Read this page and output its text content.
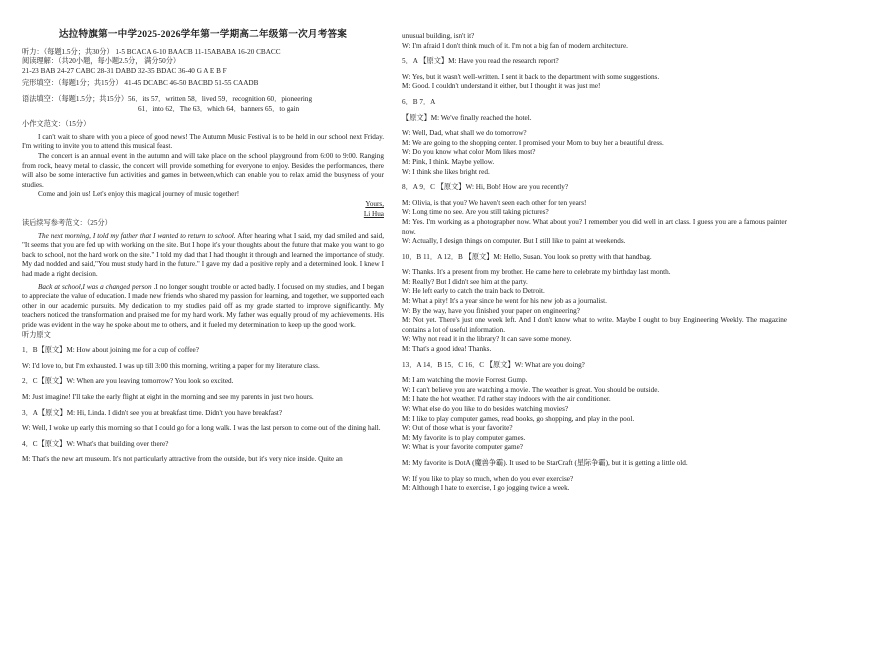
达拉特旗第一中学2025-2026学年第一学期高二年级第一次月考答案
听力：（每题1.5分；共30分） 1-5 BCACA 6-10 BAACB 11-15ABABA 16-20 CBACC
阅读理解：（共20小题，每小题2.5分， 满分50分）
21-23 BAB 24-27 CABC 28-31 DABD 32-35 BDAC 36-40 G A E B F
完形填空：（每题1分；共15分） 41-45 DCABC 46-50 BACBD 51-55 CAADB
语法填空：（每题1.5分；共15分）56．its 57．written 58．lived 59．recognition 60．pioneering
61．into 62．The 63．which 64．banners 65．to gain
小作文范文：（15分）

I can't wait to share with you a piece of good news! The Autumn Music Festival is to be held in our school next Friday. I'm writing to invite you to attend this musical feast.

The concert is an annual event in the autumn and will take place on the school playground from 6:00 to 9:00. Ranging from rock, heavy metal to classic, the concert will provide something for everyone to enjoy. Besides the performances, there will also be some interactive fun activities and games in between,which can enable you to relax amid the busyness of your studies.

Come and join us! Let's enjoy this magical journey of music together!

Yours,
Li Hua
读后续写参考范文：（25分）

The next morning, I told my father that I wanted to return to school. After hearing what I said, my dad smiled and said, "It seems that you are fed up with working on the site. But I hope it's your thoughts about the future that make you want to go back to school, not the hard work on the site." I told my dad that I had thought it through and learned the importance of study. My dad nodded and said,"You must study hard in the future." I gave my dad a positive reply and a determined look. I knew I had made a right decision.

Back at school,I was a changed person .I no longer sought trouble or acted badly. I focused on my studies, and I began to appreciate the value of education. I made new friends who shared my passion for learning, and together, we supported each other in our academic pursuits. My dedication to my studies paid off as my grade started to improve significantly. My teachers noticed the transformation and praised me for my hard work. My father was equally proud of my achievements. His pride was evident in the way he spoke about me to others, and it fueled my determination to keep up the good work.

听力原文

1．B【原文】M: How about joining me for a cup of coffee?

W: I'd love to, but I'm exhausted. I was up till 3:00 this morning, writing a paper for my literature class.

2．C【原文】W: When are you leaving tomorrow? You look so excited.

M: Just imagine! I'll take the early flight at eight in the morning and see my parents in just two hours.

3．A【原文】M: Hi, Linda. I didn't see you at breakfast time. Didn't you have breakfast?

W: Well, I woke up early this morning so that I could go for a long walk. I was the last person to come out of the dining hall.

4．C【原文】W: What's that building over there?

M: That's the new art museum. It's not particularly attractive from the outside, but it's very nice inside. Quite an

unusual building, isn't it?

W: I'm afraid I don't think much of it. I'm not a big fan of modern architecture.

5．A 【原文】M: Have you read the research report?

W: Yes, but it wasn't well-written. I sent it back to the department with some suggestions.

M: Good. I couldn't understand it either, but I thought it was just me!

6．B 7．A

【原文】M: We've finally reached the hotel.

W: Well, Dad, what shall we do tomorrow?

M: We are going to the shopping center. I promised your Mom to buy her a beautiful dress.

W: Do you know what color Mom likes most?

M: Pink, I think. Maybe yellow.

W: I think she likes bright red.

8．A 9．C 【原文】W: Hi, Bob! How are you recently?

M: Olivia, is that you? We haven't seen each other for ten years!

W: Long time no see. Are you still taking pictures?

M: Yes. I'm working as a photographer now. What about you? I remember you did well in art class. I guess you are a famous painter now.

W: Actually, I design things on computer. But I still like to paint at weekends.

10．B 11．A 12．B 【原文】M: Hello, Susan. You look so pretty with that handbag.

W: Thanks. It's a present from my brother. He came here to celebrate my birthday last month.

M: Really? But I didn't see him at the party.

W: He left early to catch the train back to Detroit.

M: What a pity! It's a year since he went for his new job as a journalist.

W: By the way, have you finished your paper on engineering?

M: Not yet. There's just one week left. And I don't know what to write. Maybe I ought to buy Engineering Weekly. The magazine contains a lot of useful information.

W: Why not read it in the library? It can save some money.

M: That's a good idea! Thanks.

13．A 14．B 15．C 16．C 【原文】W: What are you doing?

M: I am watching the movie Forrest Gump.

W: I can't believe you are watching a movie. The weather is great. You should be outside.

M: I hate the hot weather. I'd rather stay indoors with the air conditioner.

W: What else do you like to do besides watching movies?

M: I like to play computer games, read books, go shopping, and play in the pool.

W: Out of those what is your favorite?

M: My favorite is to play computer games.

W: What is your favorite computer game?

M: My favorite is DotA (魔兽争霸). It used to be StarCraft (星际争霸), but it is getting a little old.

W: If you like to play so much, when do you ever exercise?

M: Although I hate to exercise, I go jogging twice a week.
